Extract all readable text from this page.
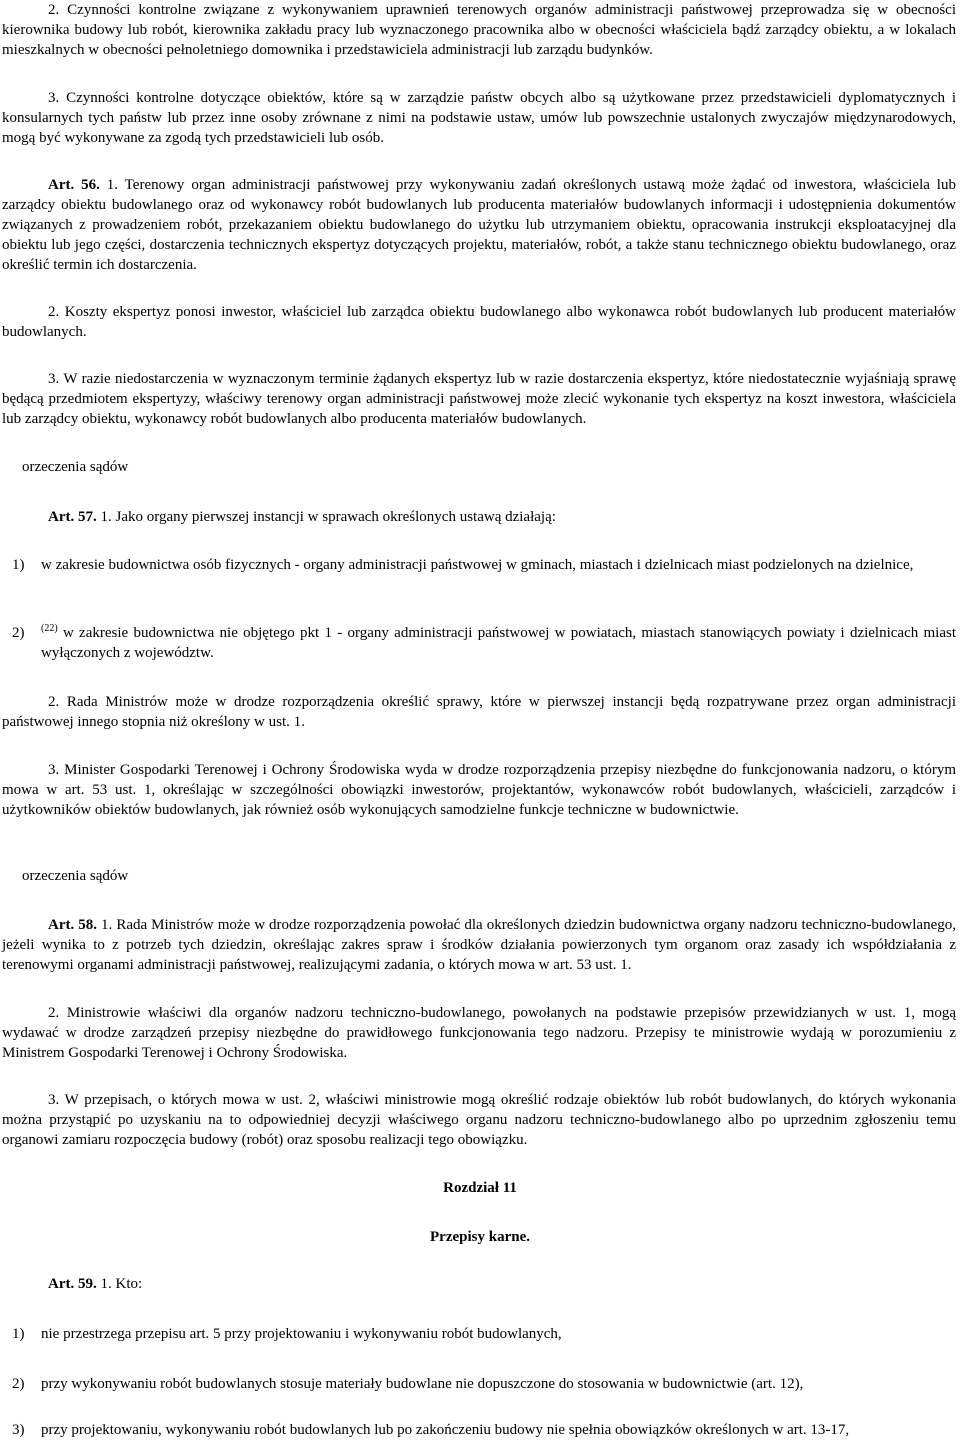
2. Czynności kontrolne związane z wykonywaniem uprawnień terenowych organów administracji państwowej przeprowadza się w obecności kierownika budowy lub robót, kierownika zakładu pracy lub wyznaczonego pracownika albo w obecności właściciela bądź zarządcy obiektu, a w lokalach mieszkalnych w obecności pełnoletniego domownika i przedstawiciela administracji lub zarządu budynków.

3. Czynności kontrolne dotyczące obiektów, które są w zarządzie państw obcych albo są użytkowane przez przedstawicieli dyplomatycznych i konsularnych tych państw lub przez inne osoby zrównane z nimi na podstawie ustaw, umów lub powszechnie ustalonych zwyczajów międzynarodowych, mogą być wykonywane za zgodą tych przedstawicieli lub osób.

Art. 56. 1. Terenowy organ administracji państwowej przy wykonywaniu zadań określonych ustawą może żądać od inwestora, właściciela lub zarządcy obiektu budowlanego oraz od wykonawcy robót budowlanych lub producenta materiałów budowlanych informacji i udostępnienia dokumentów związanych z prowadzeniem robót, przekazaniem obiektu budowlanego do użytku lub utrzymaniem obiektu, opracowania instrukcji eksploatacyjnej dla obiektu lub jego części, dostarczenia technicznych ekspertyz dotyczących projektu, materiałów, robót, a także stanu technicznego obiektu budowlanego, oraz określić termin ich dostarczenia.

2. Koszty ekspertyz ponosi inwestor, właściciel lub zarządca obiektu budowlanego albo wykonawca robót budowlanych lub producent materiałów budowlanych.

3. W razie niedostarczenia w wyznaczonym terminie żądanych ekspertyz lub w razie dostarczenia ekspertyz, które niedostatecznie wyjaśniają sprawę będącą przedmiotem ekspertyzy, właściwy terenowy organ administracji państwowej może zlecić wykonanie tych ekspertyz na koszt inwestora, właściciela lub zarządcy obiektu, wykonawcy robót budowlanych albo producenta materiałów budowlanych.

orzeczenia sądów

Art. 57. 1. Jako organy pierwszej instancji w sprawach określonych ustawą działają:

1) w zakresie budownictwa osób fizycznych - organy administracji państwowej w gminach, miastach i dzielnicach miast podzielonych na dzielnice,
2) $^{(22)}$ w zakresie budownictwa nie objętego pkt 1 - organy administracji państwowej w powiatach, miastach stanowiących powiaty i dzielnicach miast wyłączonych z województw.

2. Rada Ministrów może w drodze rozporządzenia określić sprawy, które w pierwszej instancji będą rozpatrywane przez organ administracji państwowej innego stopnia niż określony w ust. 1.

3. Minister Gospodarki Terenowej i Ochrony Środowiska wyda w drodze rozporządzenia przepisy niezbędne do funkcjonowania nadzoru, o którym mowa w art. 53 ust. 1, określając w szczególności obowiązki inwestorów, projektantów, wykonawców robót budowlanych, właścicieli, zarządców i użytkowników obiektów budowlanych, jak również osób wykonujących samodzielne funkcje techniczne w budownictwie.

orzeczenia sądów

Art. 58. 1. Rada Ministrów może w drodze rozporządzenia powołać dla określonych dziedzin budownictwa organy nadzoru techniczno-budowlanego, jeżeli wynika to z potrzeb tych dziedzin, określając zakres spraw i środków działania powierzonych tym organom oraz zasady ich współdziałania z terenowymi organami administracji państwowej, realizującymi zadania, o których mowa w art. 53 ust. 1.

2. Ministrowie właściwi dla organów nadzoru techniczno-budowlanego, powołanych na podstawie przepisów przewidzianych w ust. 1, mogą wydawać w drodze zarządzeń przepisy niezbędne do prawidłowego funkcjonowania tego nadzoru. Przepisy te ministrowie wydają w porozumieniu z Ministrem Gospodarki Terenowej i Ochrony Środowiska.

3. W przepisach, o których mowa w ust. 2, właściwi ministrowie mogą określić rodzaje obiektów lub robót budowlanych, do których wykonania można przystąpić po uzyskaniu na to odpowiedniej decyzji właściwego organu nadzoru techniczno-budowlanego albo po uprzednim zgłoszeniu temu organowi zamiaru rozpoczęcia budowy (robót) oraz sposobu realizacji tego obowiązku.

Rozdział 11

Przepisy karne.

Art. 59. 1. Kto:

1) nie przestrzega przepisu art. 5 przy projektowaniu i wykonywaniu robót budowlanych,
2) przy wykonywaniu robót budowlanych stosuje materiały budowlane nie dopuszczone do stosowania w budownictwie (art. 12),
3) przy projektowaniu, wykonywaniu robót budowlanych lub po zakończeniu budowy nie spełnia obowiązków określonych w art. 13-17,
